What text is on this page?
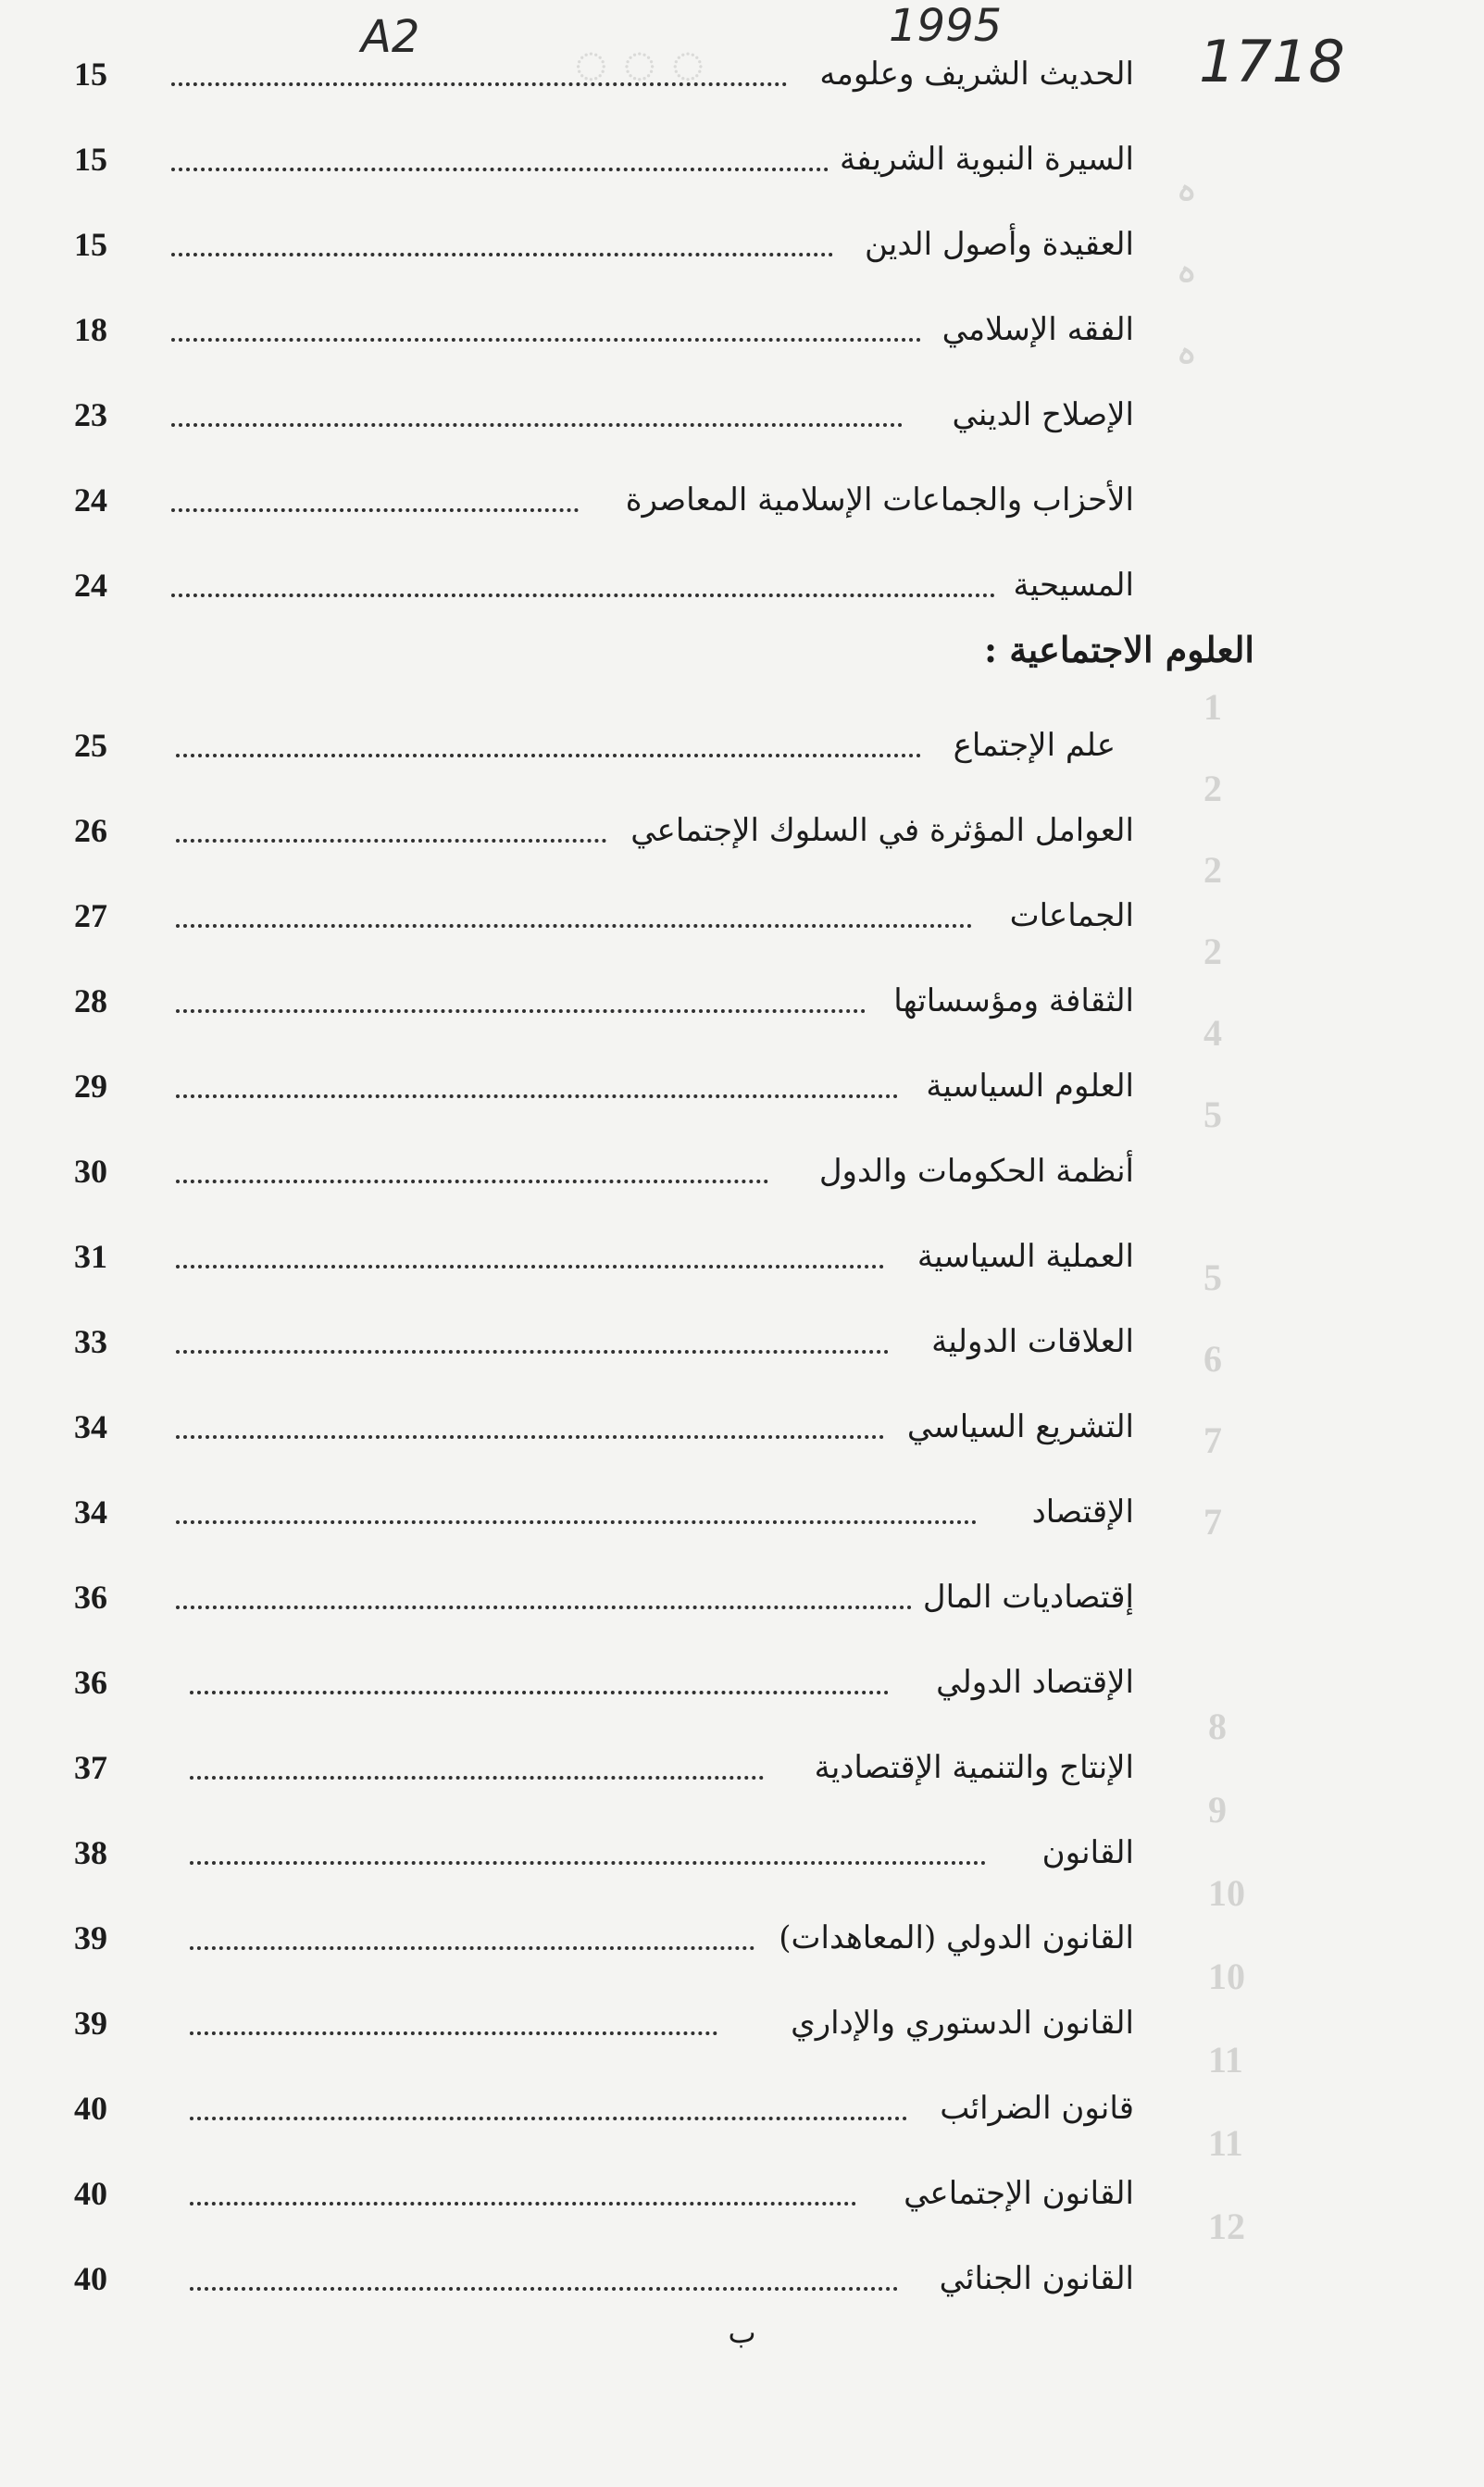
◌ ◌ ◌
ہ
ہ
ہ
1
2
2
2
4
5

5
6
7
7
8
9
10
10
11
11
12
A2	1995
1718
الحديث الشريف وعلومه
15
السيرة النبوية الشريفة
15
العقيدة وأصول الدين
15
الفقه الإسلامي
18
الإصلاح الديني
23
الأحزاب والجماعات الإسلامية المعاصرة
24
المسيحية
24
العلوم الاجتماعية :
علم الإجتماع
25
العوامل المؤثرة في السلوك الإجتماعي
26
الجماعات
27
الثقافة ومؤسساتها
28
العلوم السياسية
29
أنظمة الحكومات والدول
30
العملية السياسية
31
العلاقات الدولية
33
التشريع السياسي
34
الإقتصاد
34
إقتصاديات المال
36
الإقتصاد الدولي
36
الإنتاج والتنمية الإقتصادية
37
القانون
38
القانون الدولي (المعاهدات)
39
القانون الدستوري والإداري
39
قانون الضرائب
40
القانون الإجتماعي
40
القانون الجنائي
40
ب
